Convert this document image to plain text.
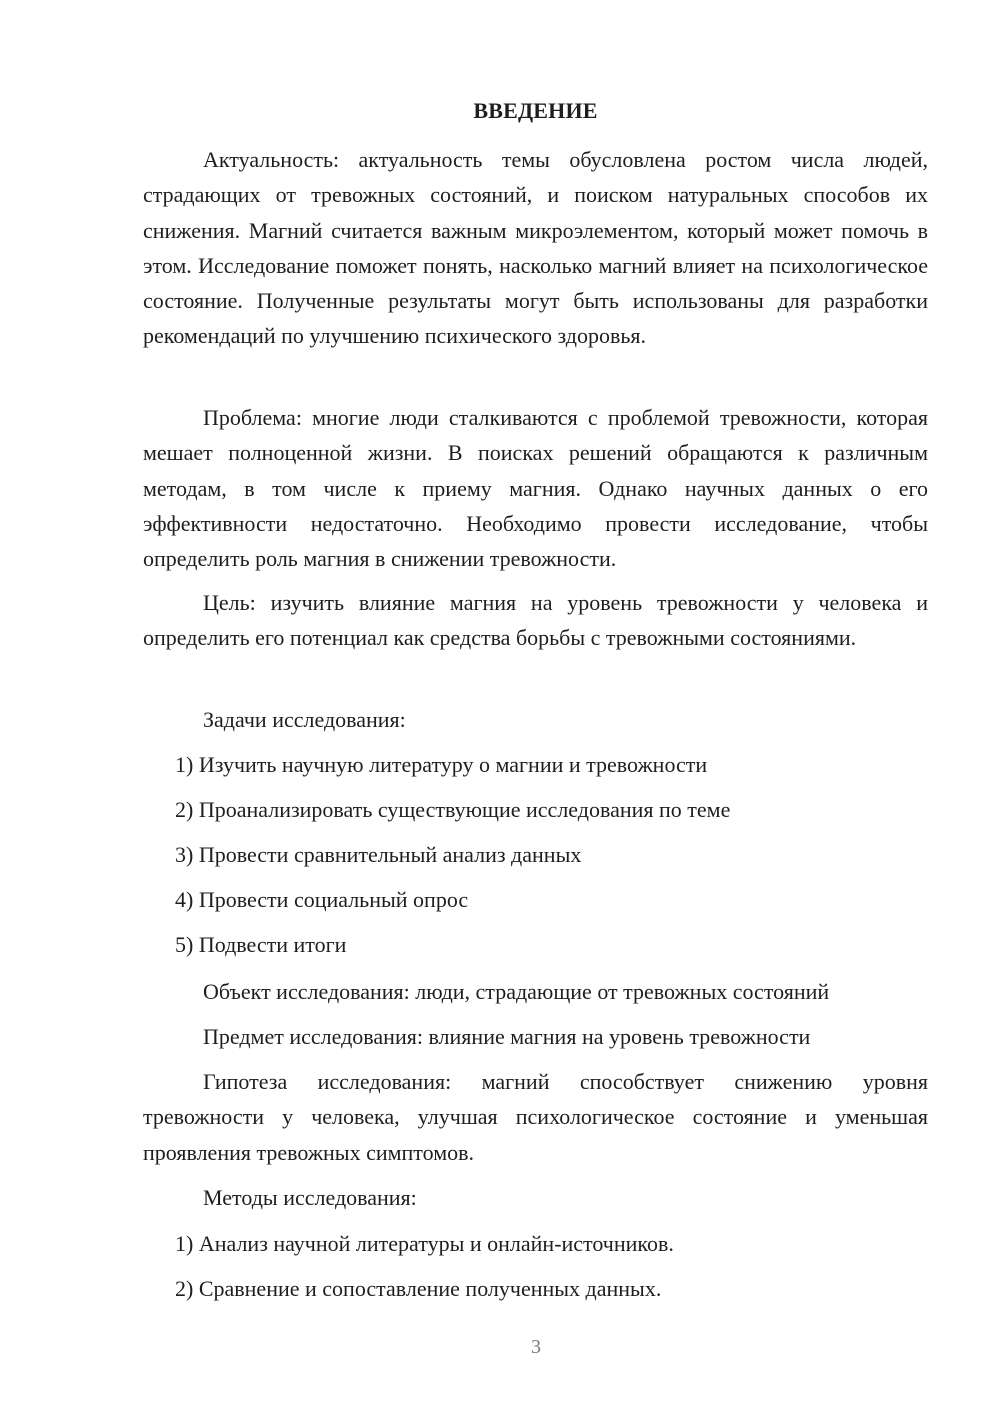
ВВЕДЕНИЕ
Актуальность: актуальность темы обусловлена ростом числа людей, страдающих от тревожных состояний, и поиском натуральных способов их снижения. Магний считается важным микроэлементом, который может помочь в этом. Исследование поможет понять, насколько магний влияет на психологическое состояние. Полученные результаты могут быть использованы для разработки рекомендаций по улучшению психического здоровья.
Проблема: многие люди сталкиваются с проблемой тревожности, которая мешает полноценной жизни. В поисках решений обращаются к различным методам, в том числе к приему магния. Однако научных данных о его эффективности недостаточно. Необходимо провести исследование, чтобы определить роль магния в снижении тревожности.
Цель: изучить влияние магния на уровень тревожности у человека и определить его потенциал как средства борьбы с тревожными состояниями.
Задачи исследования:
1) Изучить научную литературу о магнии и тревожности
2) Проанализировать существующие исследования по теме
3) Провести сравнительный анализ данных
4) Провести социальный опрос
5) Подвести итоги
Объект исследования: люди, страдающие от тревожных состояний
Предмет исследования: влияние магния на уровень тревожности
Гипотеза исследования: магний способствует снижению уровня тревожности у человека, улучшая психологическое состояние и уменьшая проявления тревожных симптомов.
Методы исследования:
1) Анализ научной литературы и онлайн-источников.
2) Сравнение и сопоставление полученных данных.
3
